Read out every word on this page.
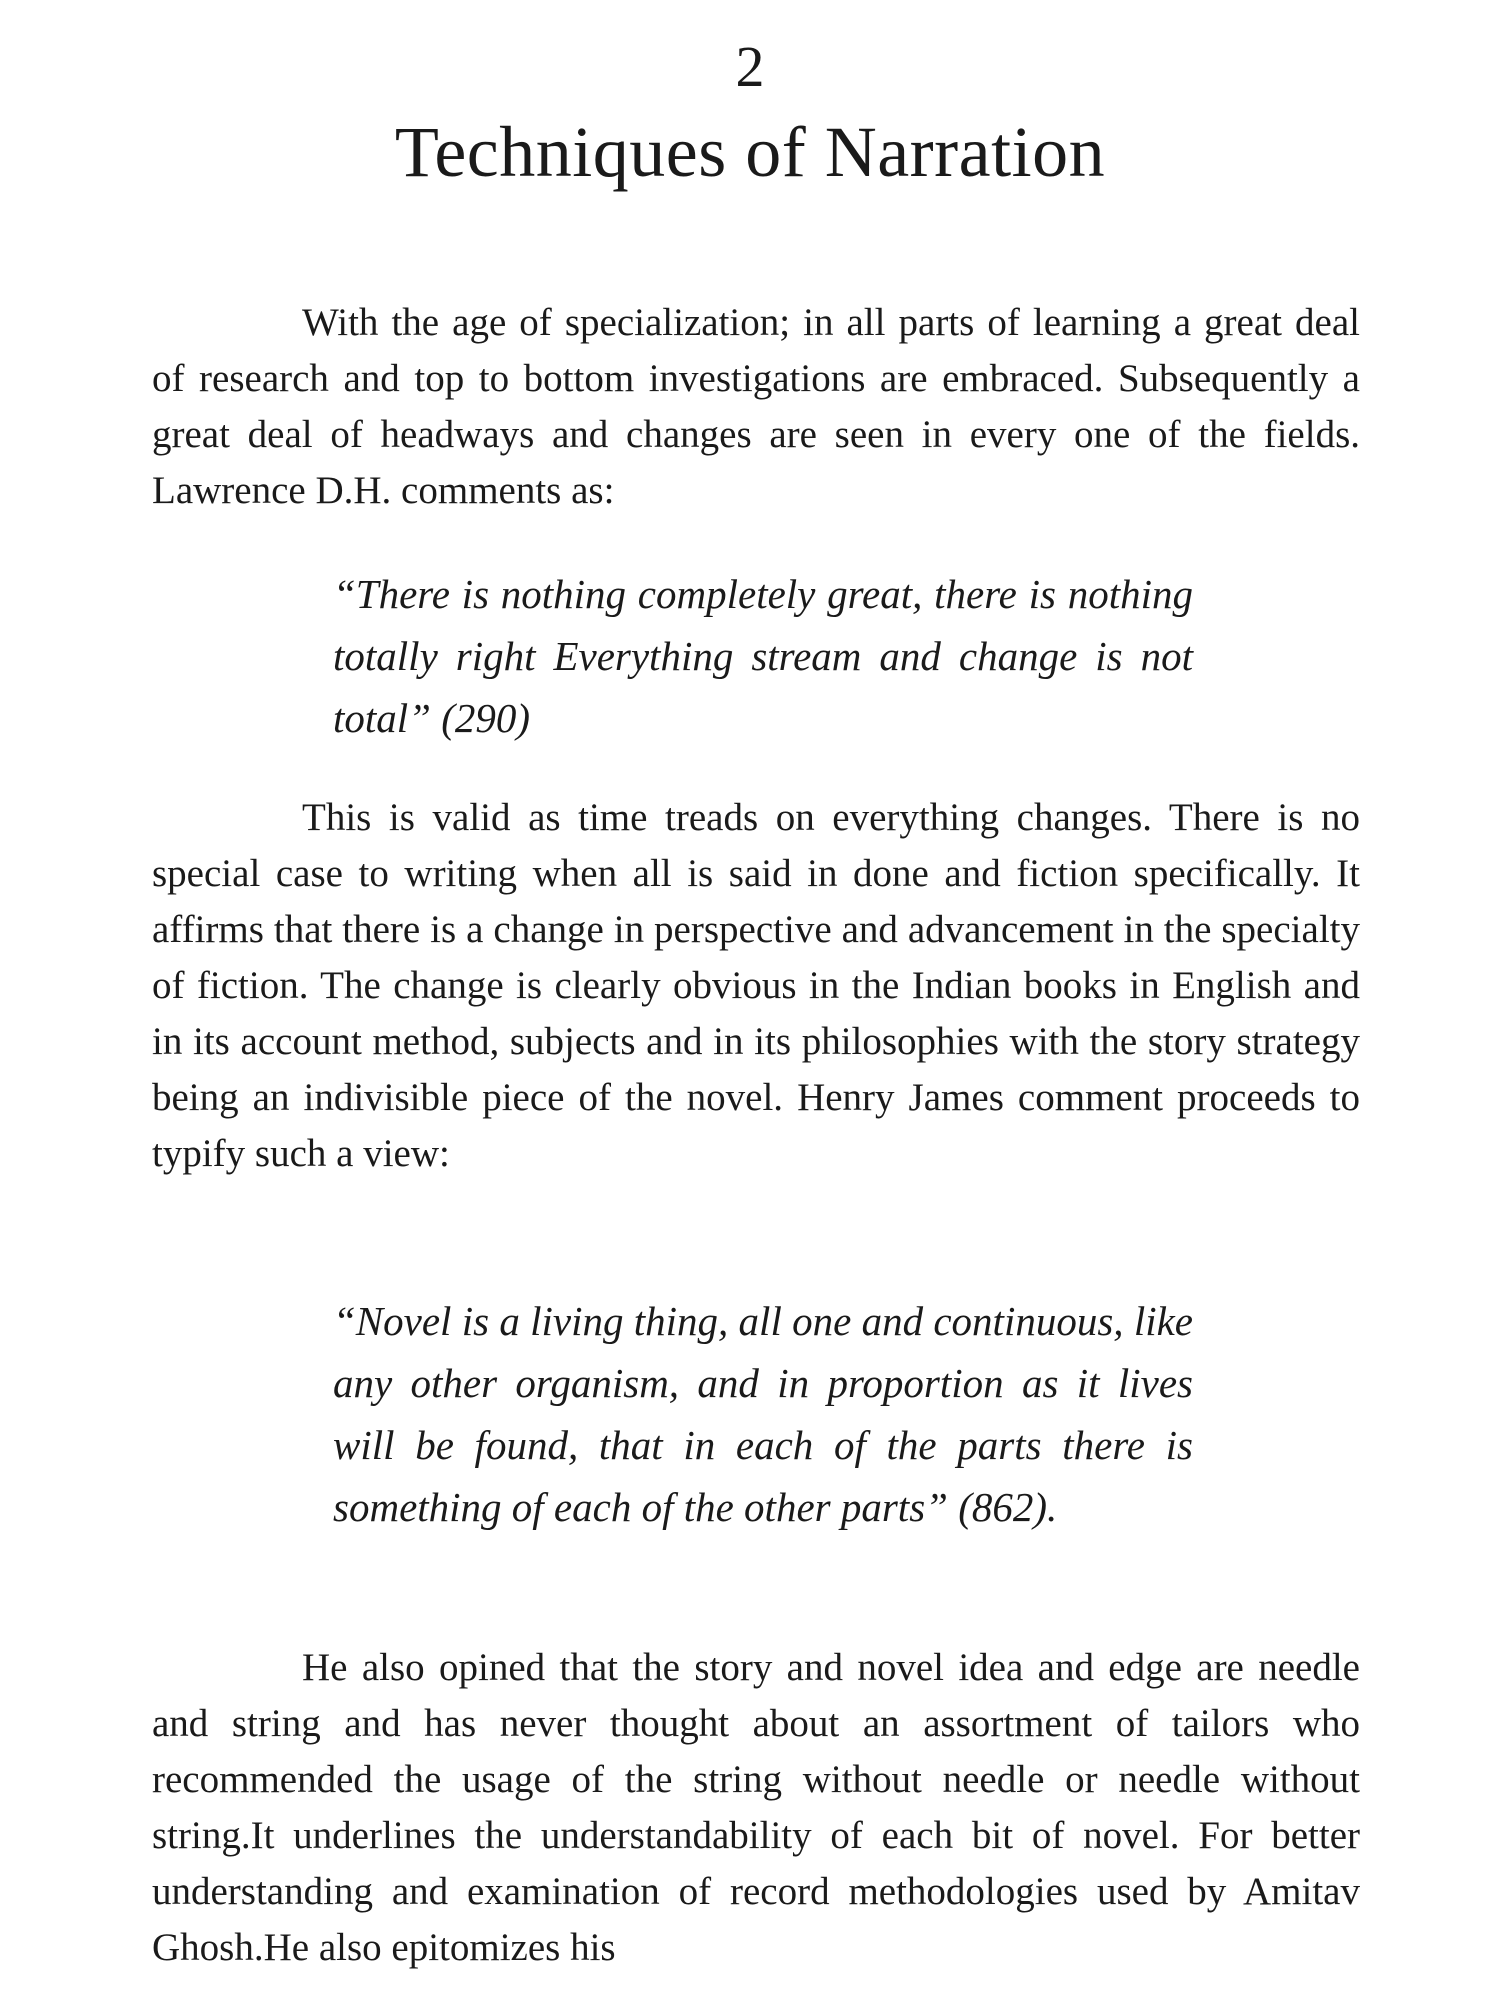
2
Techniques of Narration

With the age of specialization; in all parts of learning a great deal of research and top to bottom investigations are embraced. Subsequently a great deal of headways and changes are seen in every one of the fields. Lawrence D.H. comments as:

“There is nothing completely great, there is nothing totally right Everything stream and change is not total” (290)

This is valid as time treads on everything changes. There is no special case to writing when all is said in done and fiction specifically. It affirms that there is a change in perspective and advancement in the specialty of fiction. The change is clearly obvious in the Indian books in English and in its account method, subjects and in its philosophies with the story strategy being an indivisible piece of the novel. Henry James comment proceeds to typify such a view:

“Novel is a living thing, all one and continuous, like any other organism, and in proportion as it lives will be found, that in each of the parts there is something of each of the other parts” (862).

He also opined that the story and novel idea and edge are needle and string and has never thought about an assortment of tailors who recommended the usage of the string without needle or needle without string.It underlines the understandability of each bit of novel. For better understanding and examination of record methodologies used by Amitav Ghosh.He also epitomizes his
